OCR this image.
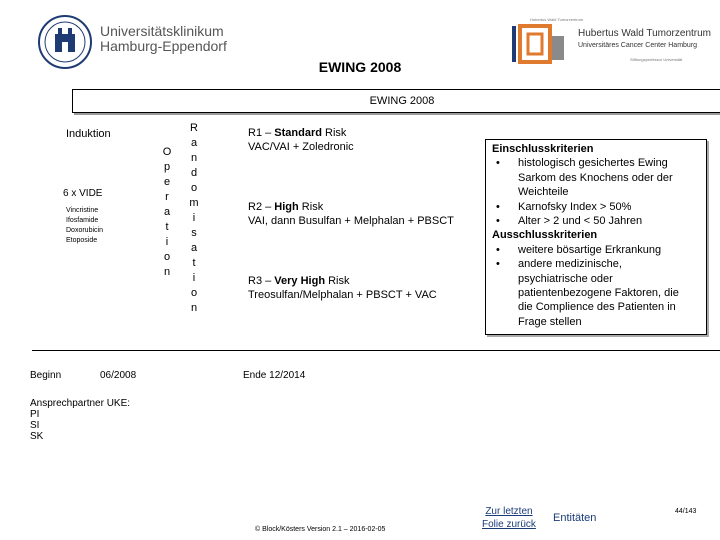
Universitätsklinikum
Hamburg-Eppendorf
Hubertus Wald Tumorzentrum
Hubertus Wald Tumorzentrum
Universitäres Cancer Center Hamburg
Stiftungsprofessur Universität
EWING 2008
EWING 2008
Induktion
6 x VIDE
Vincristine
Ifosfamide
Doxorubicin
Etoposide
O
p
e
r
a
t
i
o
n
R
a
n
d
o
m
i
s
a
t
i
o
n
R1 – Standard Risk
VAC/VAI + Zoledronic
R2 – High Risk
VAI, dann Busulfan + Melphalan + PBSCT
R3 – Very High Risk
Treosulfan/Melphalan + PBSCT + VAC
Einschlusskriterien
•	histologisch gesichertes Ewing
Sarkom des Knochens oder der
Weichteile
•	Karnofsky Index > 50%
•	Alter > 2 und < 50 Jahren
Ausschlusskriterien
•	weitere bösartige Erkrankung
•	andere medizinische,
psychiatrische oder
patientenbezogene Faktoren, die
die Complience des Patienten in
Frage stellen
Beginn	06/2008	Ende 12/2014
Ansprechpartner UKE:
PI
SI
SK
© Block/Kösters Version 2.1 – 2016-02-05
Zur letzten
Folie zurück
Entitäten
44/143
